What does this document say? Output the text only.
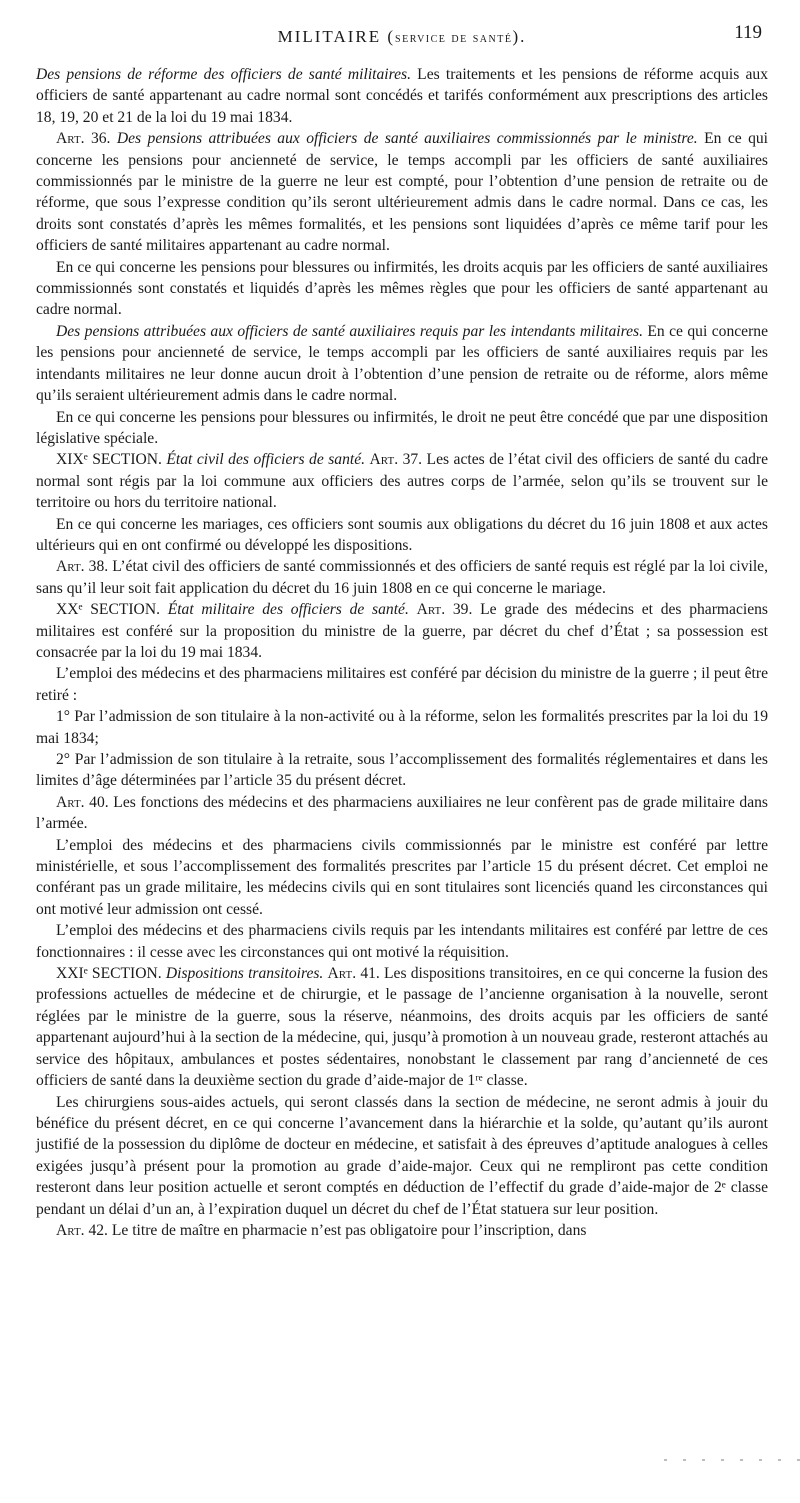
MILITAIRE (service de santé).	119

Des pensions de réforme des officiers de santé militaires. Les traitements et les pensions de réforme acquis aux officiers de santé appartenant au cadre normal sont concédés et tarifés conformément aux prescriptions des articles 18, 19, 20 et 21 de la loi du 19 mai 1834.

Art. 36. Des pensions attribuées aux officiers de santé auxiliaires commissionnés par le ministre. En ce qui concerne les pensions pour ancienneté de service, le temps accompli par les officiers de santé auxiliaires commissionnés par le ministre de la guerre ne leur est compté, pour l’obtention d’une pension de retraite ou de réforme, que sous l’expresse condition qu’ils seront ultérieurement admis dans le cadre normal. Dans ce cas, les droits sont constatés d’après les mêmes formalités, et les pensions sont liquidées d’après ce même tarif pour les officiers de santé militaires appartenant au cadre normal.

En ce qui concerne les pensions pour blessures ou infirmités, les droits acquis par les officiers de santé auxiliaires commissionnés sont constatés et liquidés d’après les mêmes règles que pour les officiers de santé appartenant au cadre normal.

Des pensions attribuées aux officiers de santé auxiliaires requis par les intendants militaires. En ce qui concerne les pensions pour ancienneté de service, le temps accompli par les officiers de santé auxiliaires requis par les intendants militaires ne leur donne aucun droit à l’obtention d’une pension de retraite ou de réforme, alors même qu’ils seraient ultérieurement admis dans le cadre normal.

En ce qui concerne les pensions pour blessures ou infirmités, le droit ne peut être concédé que par une disposition législative spéciale.

XIXᵉ SECTION. État civil des officiers de santé. Art. 37. Les actes de l’état civil des officiers de santé du cadre normal sont régis par la loi commune aux officiers des autres corps de l’armée, selon qu’ils se trouvent sur le territoire ou hors du territoire national.

En ce qui concerne les mariages, ces officiers sont soumis aux obligations du décret du 16 juin 1808 et aux actes ultérieurs qui en ont confirmé ou développé les dispositions.

Art. 38. L’état civil des officiers de santé commissionnés et des officiers de santé requis est réglé par la loi civile, sans qu’il leur soit fait application du décret du 16 juin 1808 en ce qui concerne le mariage.

XXᵉ SECTION. État militaire des officiers de santé. Art. 39. Le grade des médecins et des pharmaciens militaires est conféré sur la proposition du ministre de la guerre, par décret du chef d’État ; sa possession est consacrée par la loi du 19 mai 1834.

L’emploi des médecins et des pharmaciens militaires est conféré par décision du ministre de la guerre ; il peut être retiré :

1° Par l’admission de son titulaire à la non-activité ou à la réforme, selon les formalités prescrites par la loi du 19 mai 1834;

2° Par l’admission de son titulaire à la retraite, sous l’accomplissement des formalités réglementaires et dans les limites d’âge déterminées par l’article 35 du présent décret.

Art. 40. Les fonctions des médecins et des pharmaciens auxiliaires ne leur confèrent pas de grade militaire dans l’armée.

L’emploi des médecins et des pharmaciens civils commissionnés par le ministre est conféré par lettre ministérielle, et sous l’accomplissement des formalités prescrites par l’article 15 du présent décret. Cet emploi ne conférant pas un grade militaire, les médecins civils qui en sont titulaires sont licenciés quand les circonstances qui ont motivé leur admission ont cessé.

L’emploi des médecins et des pharmaciens civils requis par les intendants militaires est conféré par lettre de ces fonctionnaires : il cesse avec les circonstances qui ont motivé la réquisition.

XXIᵉ SECTION. Dispositions transitoires. Art. 41. Les dispositions transitoires, en ce qui concerne la fusion des professions actuelles de médecine et de chirurgie, et le passage de l’ancienne organisation à la nouvelle, seront réglées par le ministre de la guerre, sous la réserve, néanmoins, des droits acquis par les officiers de santé appartenant aujourd’hui à la section de la médecine, qui, jusqu’à promotion à un nouveau grade, resteront attachés au service des hôpitaux, ambulances et postes sédentaires, nonobstant le classement par rang d’ancienneté de ces officiers de santé dans la deuxième section du grade d’aide-major de 1ʳᵉ classe.

Les chirurgiens sous-aides actuels, qui seront classés dans la section de médecine, ne seront admis à jouir du bénéfice du présent décret, en ce qui concerne l’avancement dans la hiérarchie et la solde, qu’autant qu’ils auront justifié de la possession du diplôme de docteur en médecine, et satisfait à des épreuves d’aptitude analogues à celles exigées jusqu’à présent pour la promotion au grade d’aide-major. Ceux qui ne rempliront pas cette condition resteront dans leur position actuelle et seront comptés en déduction de l’effectif du grade d’aide-major de 2ᵉ classe pendant un délai d’un an, à l’expiration duquel un décret du chef de l’État statuera sur leur position.

Art. 42. Le titre de maître en pharmacie n’est pas obligatoire pour l’inscription, dans
